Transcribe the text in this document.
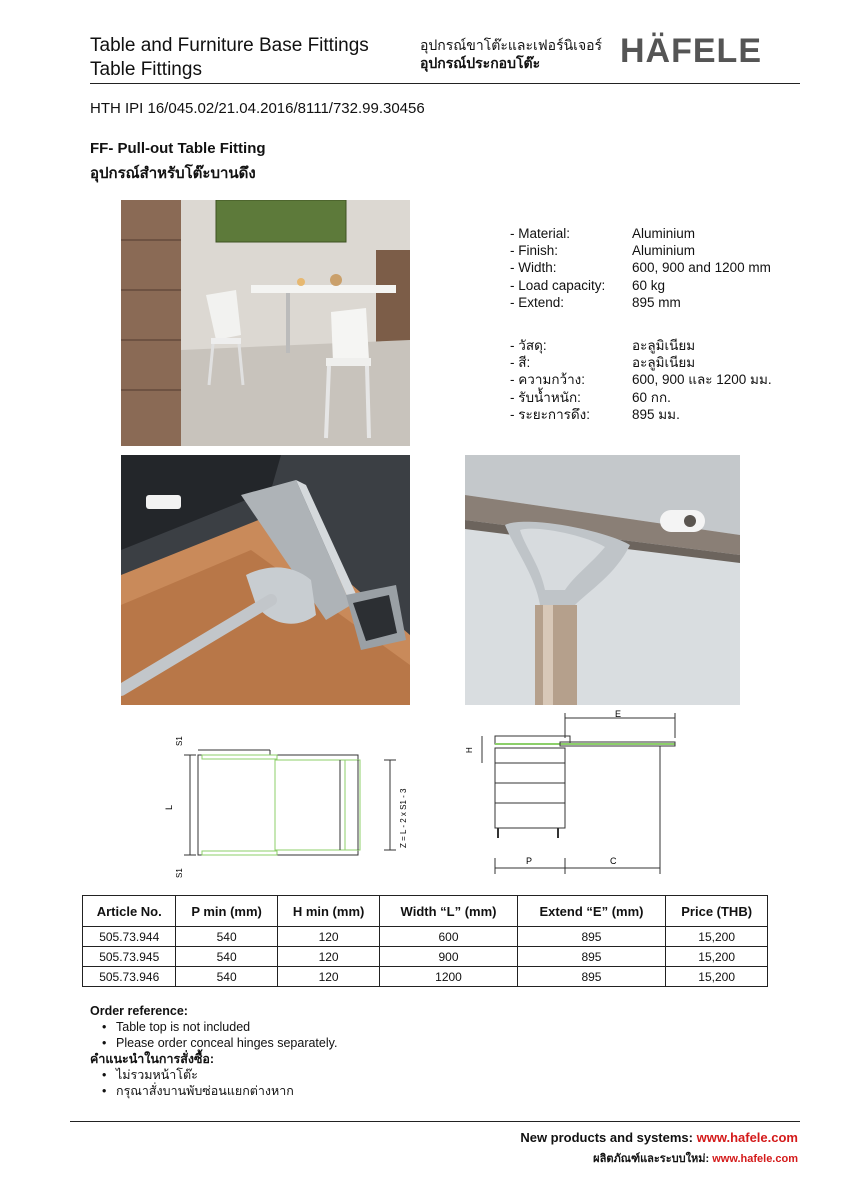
Table and Furniture Base Fittings
Table Fittings
อุปกรณ์ขาโต๊ะและเฟอร์นิเจอร์
อุปกรณ์ประกอบโต๊ะ	HÄFELE
HTH IPI 16/045.02/21.04.2016/8111/732.99.30456
FF- Pull-out Table Fitting
อุปกรณ์สำหรับโต๊ะบานดึง
- Material:	Aluminium
- Finish:	Aluminium
- Width:	600, 900 and 1200 mm
- Load capacity:	60 kg
- Extend:	895 mm
- วัสดุ:	อะลูมิเนียม
- สี:	อะลูมิเนียม
- ความกว้าง:	600, 900 และ 1200 มม.
- รับน้ำหนัก:	60 กก.
- ระยะการดึง:	895 มม.
S1
S1
L	Z = L - 2 x S1 - 3
E
H
P	C
Article No.	P min (mm)	H min (mm)	Width “L” (mm)	Extend “E” (mm)	Price (THB)
505.73.944	540	120	600	895	15,200
505.73.945	540	120	900	895	15,200
505.73.946	540	120	1200	895	15,200
Order reference:
• Table top is not included
• Please order conceal hinges separately.
คำแนะนำในการสั่งซื้อ:
• ไม่รวมหน้าโต๊ะ
• กรุณาสั่งบานพับซ่อนแยกต่างหาก
New products and systems: www.hafele.com
ผลิตภัณฑ์และระบบใหม่: www.hafele.com
